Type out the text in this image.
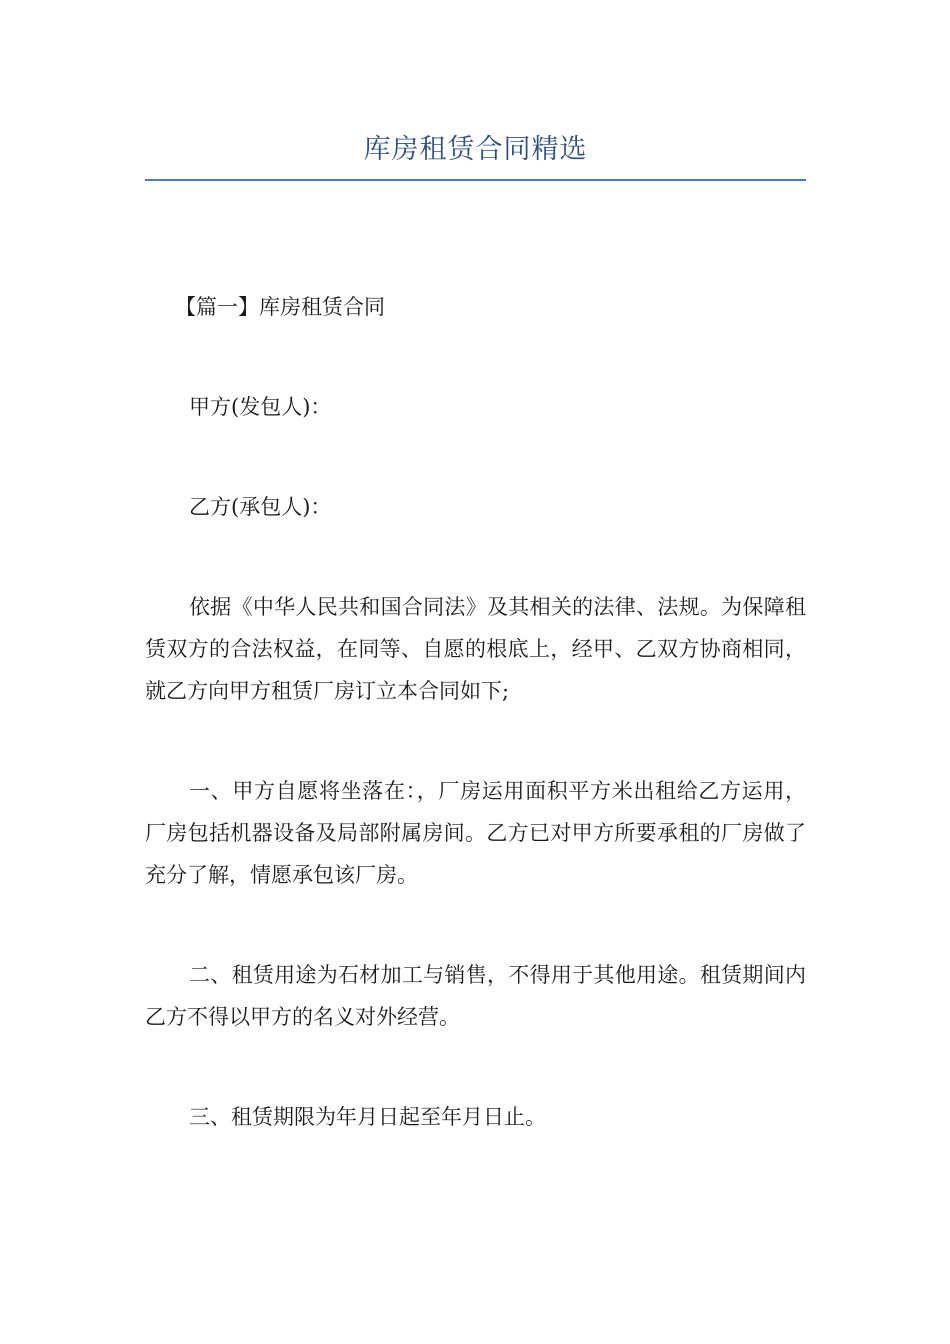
库房租赁合同精选

【篇一】库房租赁合同

甲方(发包人)：

乙方(承包人)：

依据《中华人民共和国合同法》及其相关的法律、法规。为保障租赁双方的合法权益，在同等、自愿的根底上，经甲、乙双方协商相同，就乙方向甲方租赁厂房订立本合同如下;

一、甲方自愿将坐落在：，厂房运用面积平方米出租给乙方运用，厂房包括机器设备及局部附属房间。乙方已对甲方所要承租的厂房做了充分了解，情愿承包该厂房。

二、租赁用途为石材加工与销售，不得用于其他用途。租赁期间内乙方不得以甲方的名义对外经营。

三、租赁期限为年月日起至年月日止。
